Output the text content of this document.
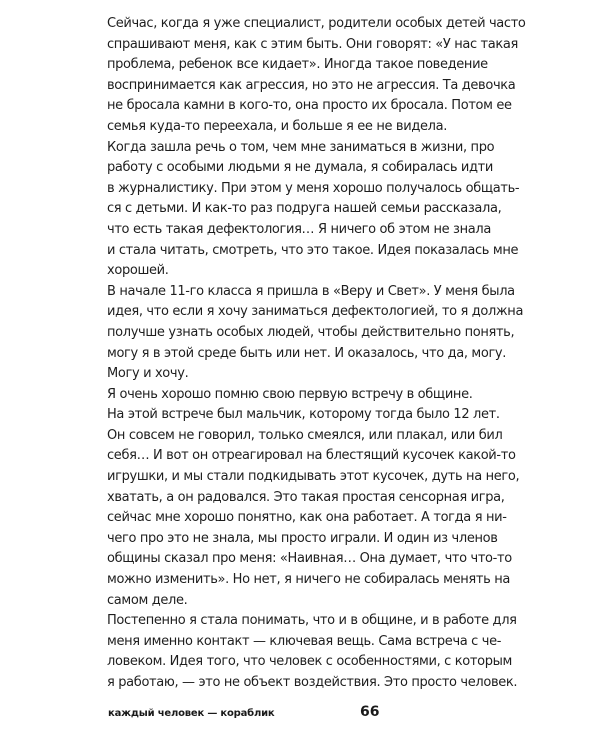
Сейчас, когда я уже специалист, родители особых детей часто
спрашивают меня, как с этим быть. Они говорят: «У нас такая
проблема, ребенок все кидает». Иногда такое поведение
воспринимается как агрессия, но это не агрессия. Та девочка
не бросала камни в кого-то, она просто их бросала. Потом ее
семья куда-то переехала, и больше я ее не видела.
Когда зашла речь о том, чем мне заниматься в жизни, про
работу с особыми людьми я не думала, я собиралась идти
в журналистику. При этом у меня хорошо получалось общать-
ся с детьми. И как-то раз подруга нашей семьи рассказала,
что есть такая дефектология… Я ничего об этом не знала
и стала читать, смотреть, что это такое. Идея показалась мне
хорошей.
В начале 11-го класса я пришла в «Веру и Свет». У меня была
идея, что если я хочу заниматься дефектологией, то я должна
получше узнать особых людей, чтобы действительно понять,
могу я в этой среде быть или нет. И оказалось, что да, могу.
Могу и хочу.
Я очень хорошо помню свою первую встречу в общине.
На этой встрече был мальчик, которому тогда было 12 лет.
Он совсем не говорил, только смеялся, или плакал, или бил
себя… И вот он отреагировал на блестящий кусочек какой-то
игрушки, и мы стали подкидывать этот кусочек, дуть на него,
хватать, а он радовался. Это такая простая сенсорная игра,
сейчас мне хорошо понятно, как она работает. А тогда я ни-
чего про это не знала, мы просто играли. И один из членов
общины сказал про меня: «Наивная… Она думает, что что-то
можно изменить». Но нет, я ничего не собиралась менять на
самом деле.
Постепенно я стала понимать, что и в общине, и в работе для
меня именно контакт — ключевая вещь. Сама встреча с че-
ловеком. Идея того, что человек с особенностями, с которым
я работаю, — это не объект воздействия. Это просто человек.
каждый человек — кораблик	66
